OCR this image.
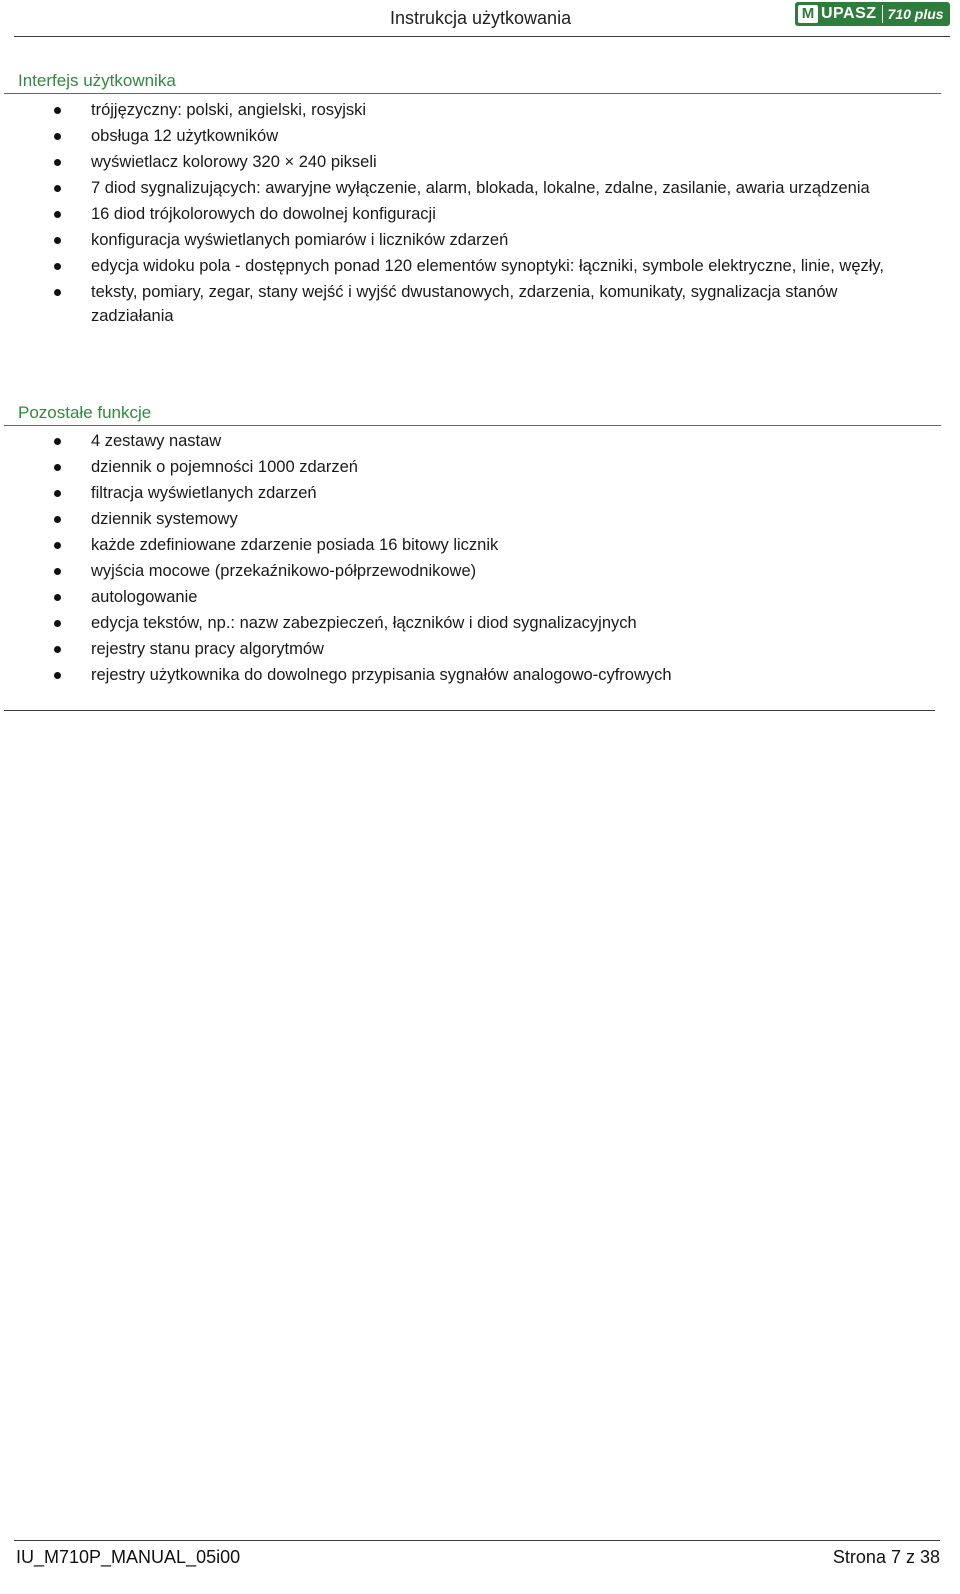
Instrukcja użytkowania	M UPASZ 710 plus
Interfejs użytkownika
trójjęzyczny: polski, angielski, rosyjski
obsługa 12 użytkowników
wyświetlacz kolorowy 320 × 240 pikseli
7 diod sygnalizujących: awaryjne wyłączenie, alarm, blokada, lokalne, zdalne, zasilanie, awaria urządzenia
16 diod trójkolorowych do dowolnej konfiguracji
konfiguracja wyświetlanych pomiarów i liczników zdarzeń
edycja widoku pola - dostępnych ponad 120 elementów synoptyki: łączniki, symbole elektryczne, linie, węzły,
teksty, pomiary, zegar, stany wejść i wyjść dwustanowych, zdarzenia, komunikaty, sygnalizacja stanów zadziałania
Pozostałe funkcje
4 zestawy nastaw
dziennik o pojemności 1000 zdarzeń
filtracja wyświetlanych zdarzeń
dziennik systemowy
każde zdefiniowane zdarzenie posiada 16 bitowy licznik
wyjścia mocowe (przekaźnikowo-półprzewodnikowe)
autologowanie
edycja tekstów, np.: nazw zabezpieczeń, łączników i diod sygnalizacyjnych
rejestry stanu pracy algorytmów
rejestry użytkownika do dowolnego przypisania sygnałów analogowo-cyfrowych
IU_M710P_MANUAL_05i00	Strona 7 z 38
